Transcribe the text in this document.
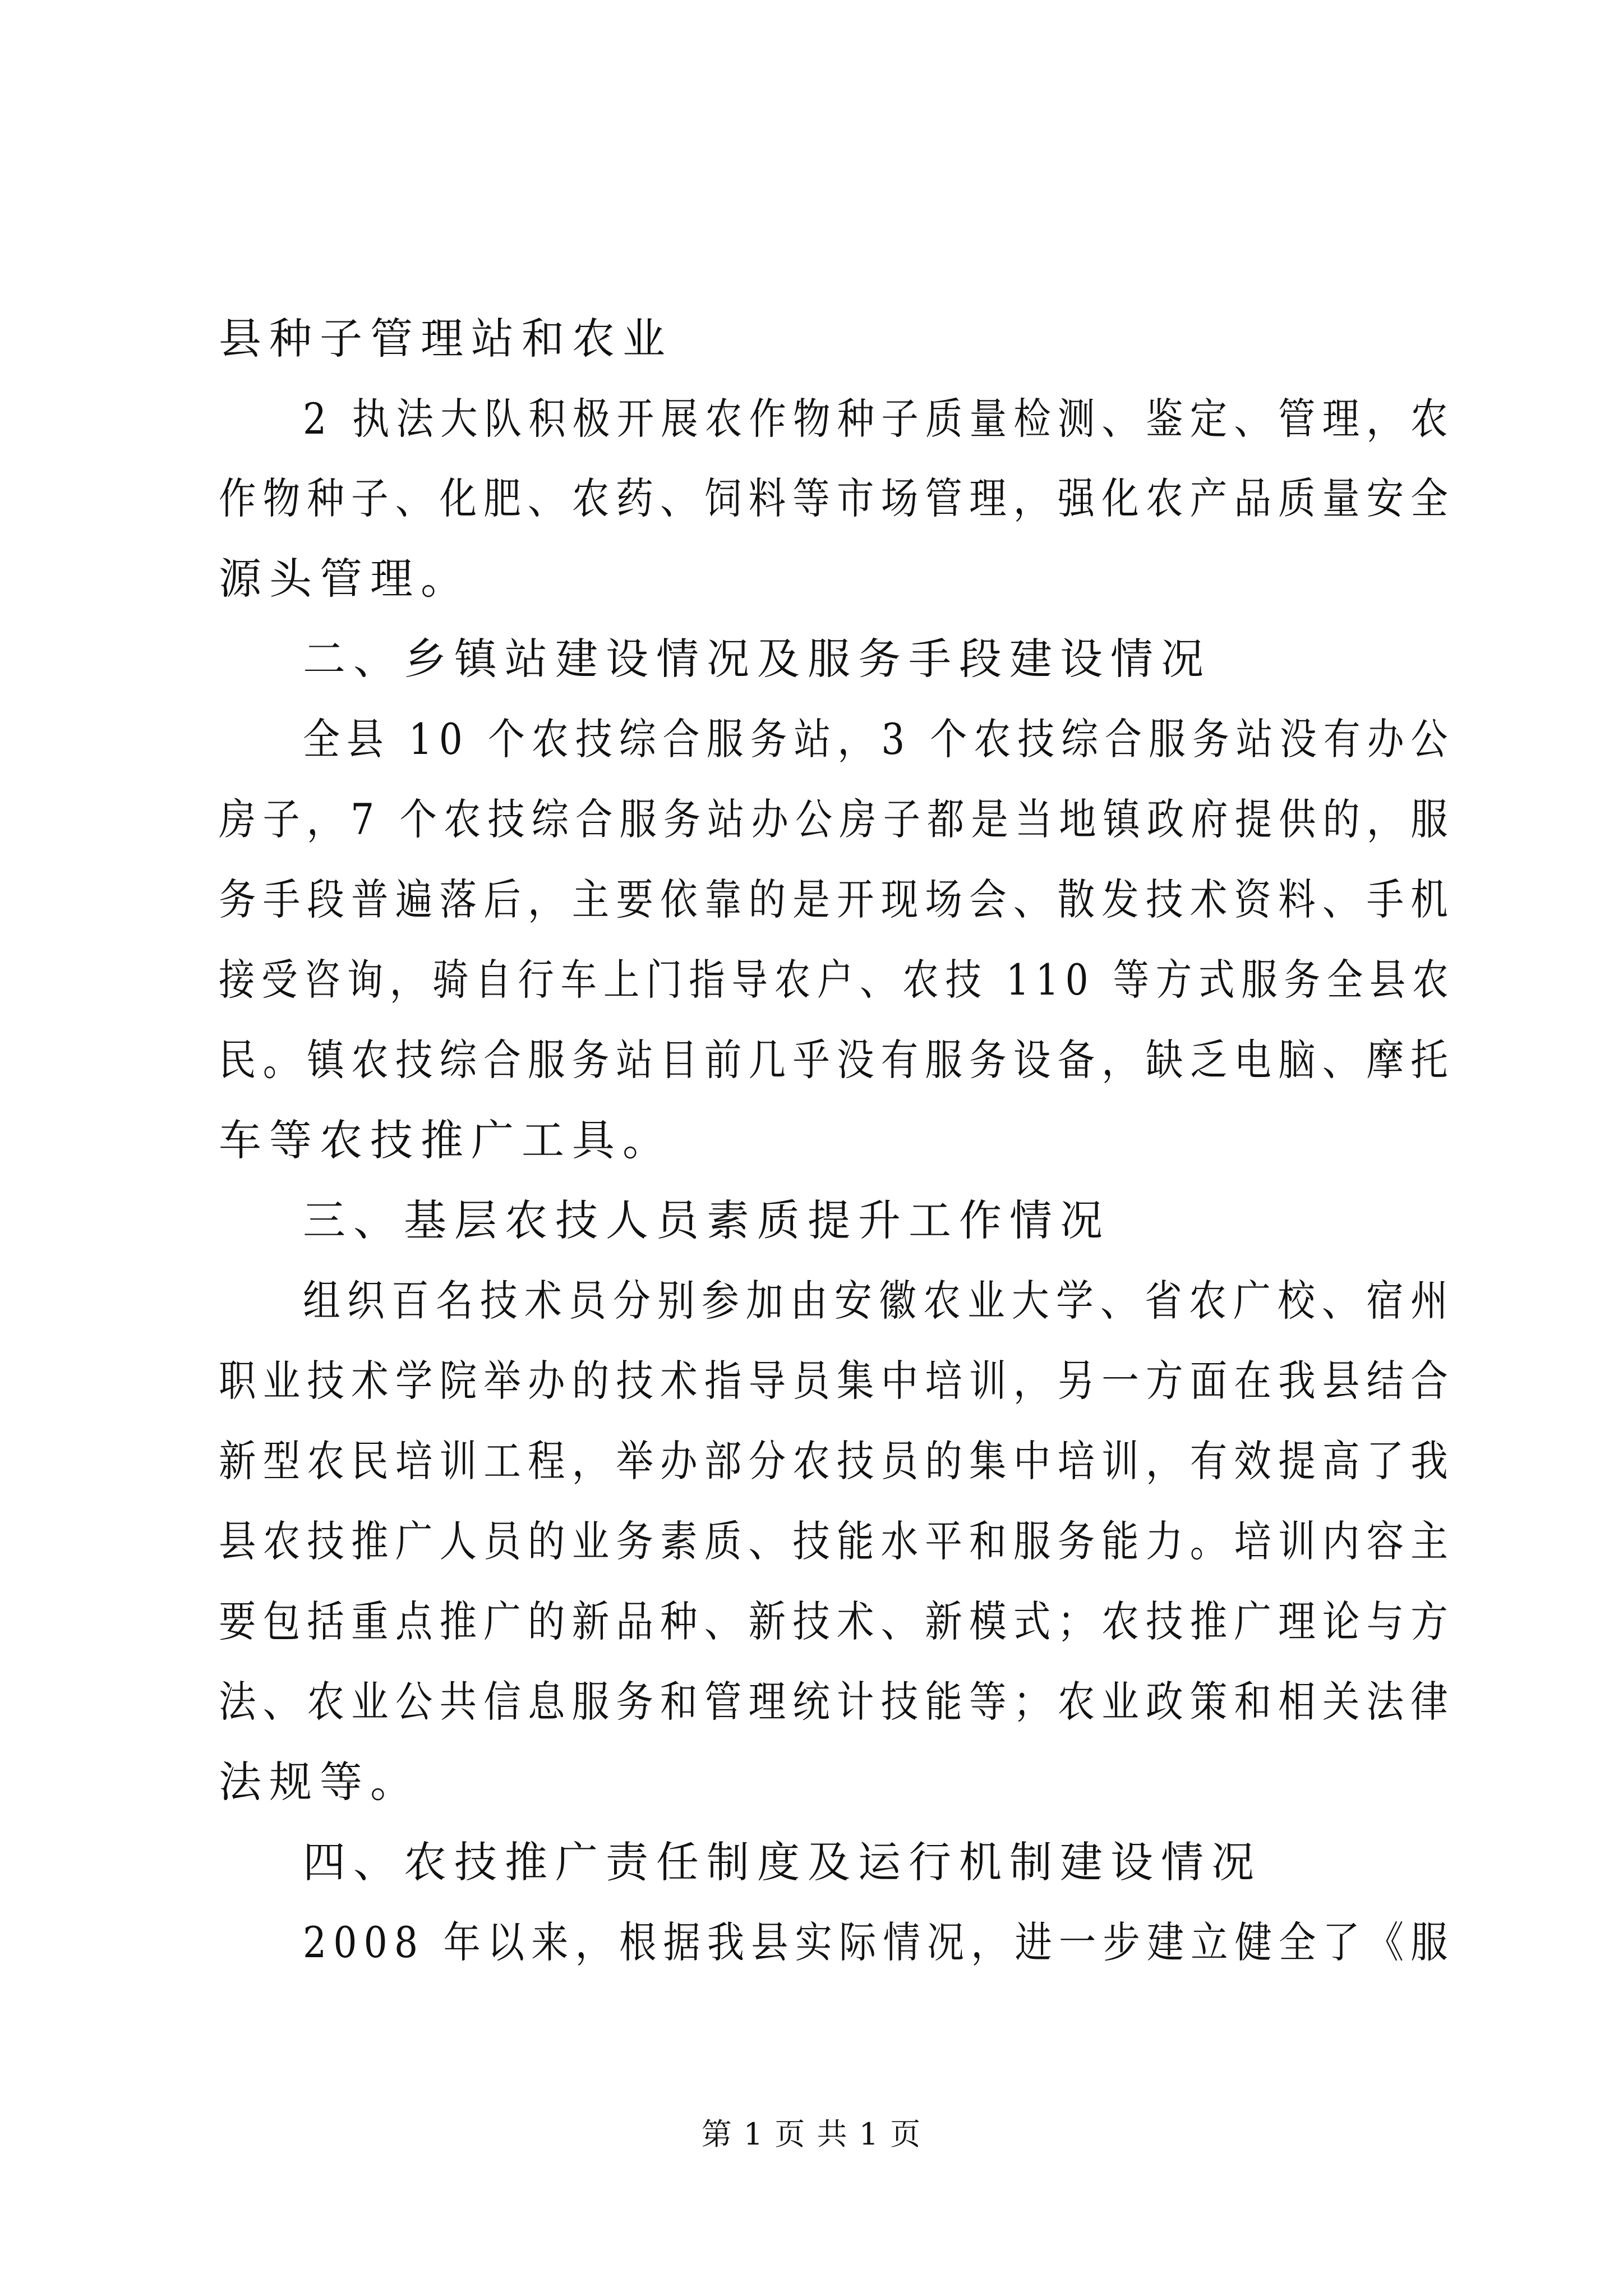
县种子管理站和农业
2 执法大队积极开展农作物种子质量检测、鉴定、管理，农
作物种子、化肥、农药、饲料等市场管理，强化农产品质量安全
源头管理。
二、乡镇站建设情况及服务手段建设情况
全县 10 个农技综合服务站，3 个农技综合服务站没有办公
房子，7 个农技综合服务站办公房子都是当地镇政府提供的，服
务手段普遍落后，主要依靠的是开现场会、散发技术资料、手机
接受咨询，骑自行车上门指导农户、农技 110 等方式服务全县农
民。镇农技综合服务站目前几乎没有服务设备，缺乏电脑、摩托
车等农技推广工具。
三、基层农技人员素质提升工作情况
组织百名技术员分别参加由安徽农业大学、省农广校、宿州
职业技术学院举办的技术指导员集中培训，另一方面在我县结合
新型农民培训工程，举办部分农技员的集中培训，有效提高了我
县农技推广人员的业务素质、技能水平和服务能力。培训内容主
要包括重点推广的新品种、新技术、新模式；农技推广理论与方
法、农业公共信息服务和管理统计技能等；农业政策和相关法律
法规等。
四、农技推广责任制度及运行机制建设情况
2008 年以来，根据我县实际情况，进一步建立健全了《服
第 1 页 共 1 页
